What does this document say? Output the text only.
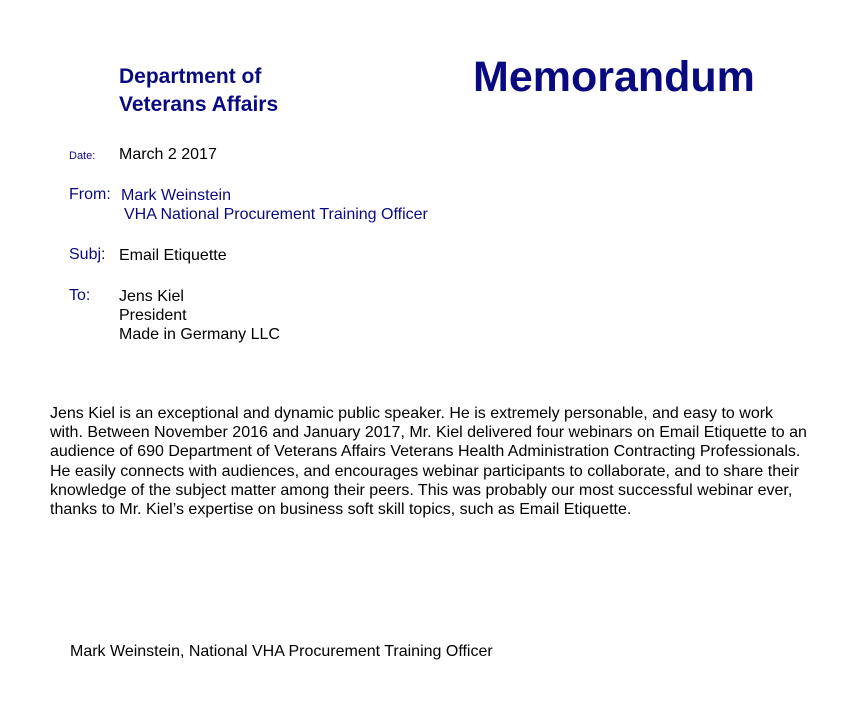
Department of
Veterans Affairs
Memorandum
Date: March 2 2017
From: Mark Weinstein
VHA National Procurement Training Officer
Subj: Email Etiquette
To: Jens Kiel
President
Made in Germany LLC
Jens Kiel is an exceptional and dynamic public speaker. He is extremely personable, and easy to work with. Between November 2016 and January 2017, Mr. Kiel delivered four webinars on Email Etiquette to an audience of 690 Department of Veterans Affairs Veterans Health Administration Contracting Professionals. He easily connects with audiences, and encourages webinar participants to collaborate, and to share their knowledge of the subject matter among their peers. This was probably our most successful webinar ever, thanks to Mr. Kiel’s expertise on business soft skill topics, such as Email Etiquette.
Mark Weinstein, National VHA Procurement Training Officer
